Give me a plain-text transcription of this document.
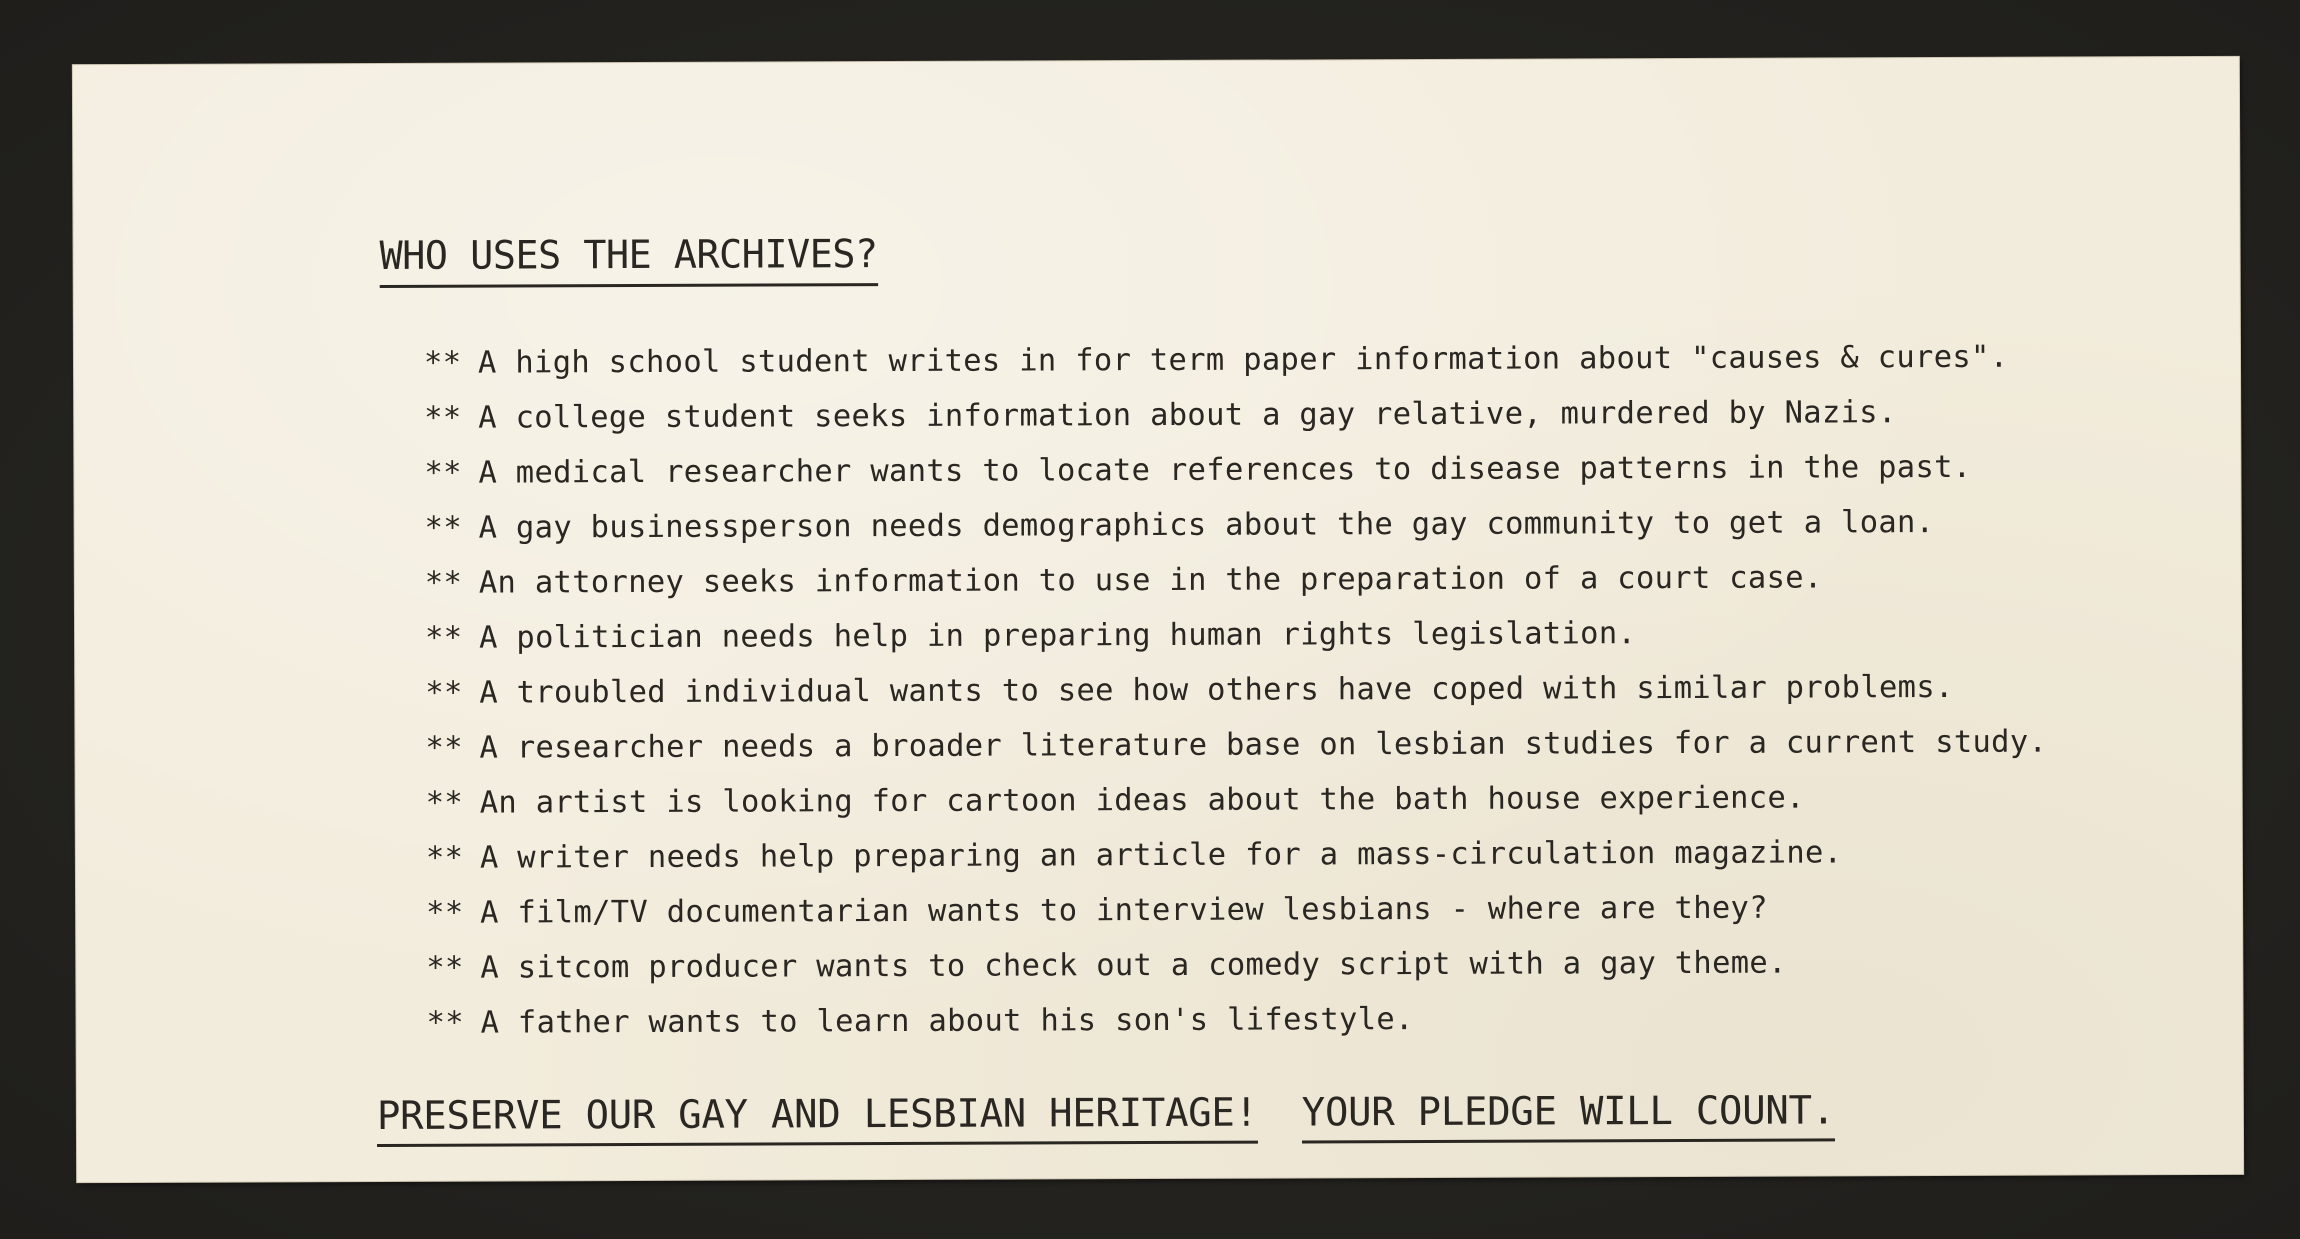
WHO USES THE ARCHIVES?
** A high school student writes in for term paper information about "causes & cures".
** A college student seeks information about a gay relative, murdered by Nazis.
** A medical researcher wants to locate references to disease patterns in the past.
** A gay businessperson needs demographics about the gay community to get a loan.
** An attorney seeks information to use in the preparation of a court case.
** A politician needs help in preparing human rights legislation.
** A troubled individual wants to see how others have coped with similar problems.
** A researcher needs a broader literature base on lesbian studies for a current study.
** An artist is looking for cartoon ideas about the bath house experience.
** A writer needs help preparing an article for a mass-circulation magazine.
** A film/TV documentarian wants to interview lesbians - where are they?
** A sitcom producer wants to check out a comedy script with a gay theme.
** A father wants to learn about his son's lifestyle.
PRESERVE OUR GAY AND LESBIAN HERITAGE! YOUR PLEDGE WILL COUNT.
